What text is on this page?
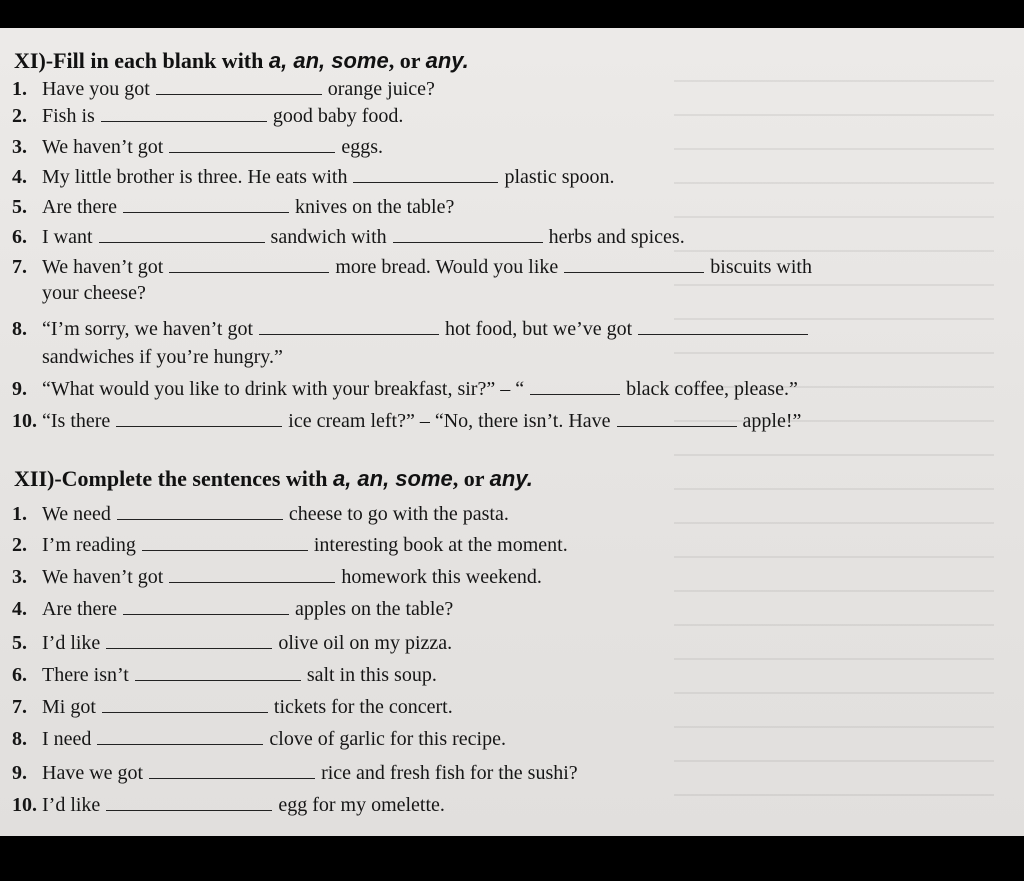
XI)-Fill in each blank with a, an, some, or any.
1. Have you got	orange juice?
2. Fish is	good baby food.
3. We haven’t got	eggs.
4. My little brother is three. He eats with	plastic spoon.
5. Are there	knives on the table?
6. I want	sandwich with	herbs and spices.
7. We haven’t got	more bread. Would you like	biscuits with
your cheese?
8. “I’m sorry, we haven’t got	hot food, but we’ve got
sandwiches if you’re hungry.”
9. “What would you like to drink with your breakfast, sir?” – “	black coffee, please.”
10. “Is there	ice cream left?” – “No, there isn’t. Have	apple!”
XII)-Complete the sentences with a, an, some, or any.
1. We need	cheese to go with the pasta.
2. I’m reading	interesting book at the moment.
3. We haven’t got	homework this weekend.
4. Are there	apples on the table?
5. I’d like	olive oil on my pizza.
6. There isn’t	salt in this soup.
7. Mi got	tickets for the concert.
8. I need	clove of garlic for this recipe.
9. Have we got	rice and fresh fish for the sushi?
10. I’d like	egg for my omelette.
